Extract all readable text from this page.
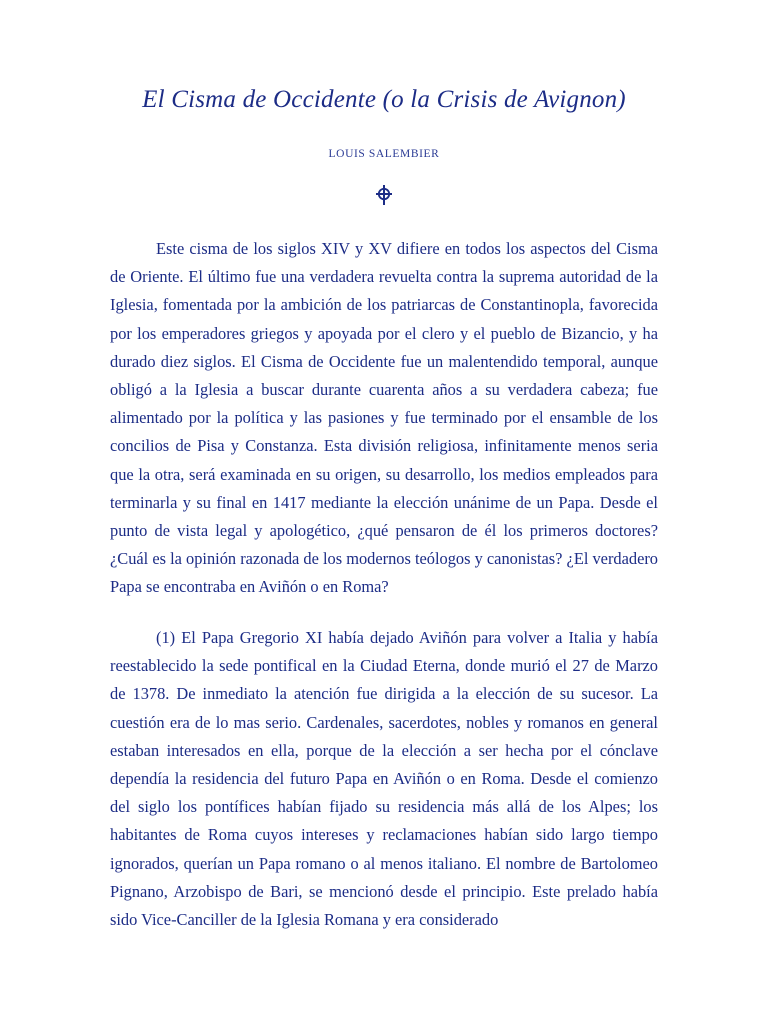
El Cisma de Occidente (o la Crisis de Avignon)
LOUIS SALEMBIER

Este cisma de los siglos XIV y XV difiere en todos los aspectos del Cisma de Oriente. El último fue una verdadera revuelta contra la suprema autoridad de la Iglesia, fomentada por la ambición de los patriarcas de Constantinopla, favorecida por los emperadores griegos y apoyada por el clero y el pueblo de Bizancio, y ha durado diez siglos. El Cisma de Occidente fue un malentendido temporal, aunque obligó a la Iglesia a buscar durante cuarenta años a su verdadera cabeza; fue alimentado por la política y las pasiones y fue terminado por el ensamble de los concilios de Pisa y Constanza. Esta división religiosa, infinitamente menos seria que la otra, será examinada en su origen, su desarrollo, los medios empleados para terminarla y su final en 1417 mediante la elección unánime de un Papa. Desde el punto de vista legal y apologético, ¿qué pensaron de él los primeros doctores? ¿Cuál es la opinión razonada de los modernos teólogos y canonistas? ¿El verdadero Papa se encontraba en Aviñón o en Roma?

(1) El Papa Gregorio XI había dejado Aviñón para volver a Italia y había reestablecido la sede pontifical en la Ciudad Eterna, donde murió el 27 de Marzo de 1378. De inmediato la atención fue dirigida a la elección de su sucesor. La cuestión era de lo mas serio. Cardenales, sacerdotes, nobles y romanos en general estaban interesados en ella, porque de la elección a ser hecha por el cónclave dependía la residencia del futuro Papa en Aviñón o en Roma. Desde el comienzo del siglo los pontífices habían fijado su residencia más allá de los Alpes; los habitantes de Roma cuyos intereses y reclamaciones habían sido largo tiempo ignorados, querían un Papa romano o al menos italiano. El nombre de Bartolomeo Pignano, Arzobispo de Bari, se mencionó desde el principio. Este prelado había sido Vice-Canciller de la Iglesia Romana y era considerado
